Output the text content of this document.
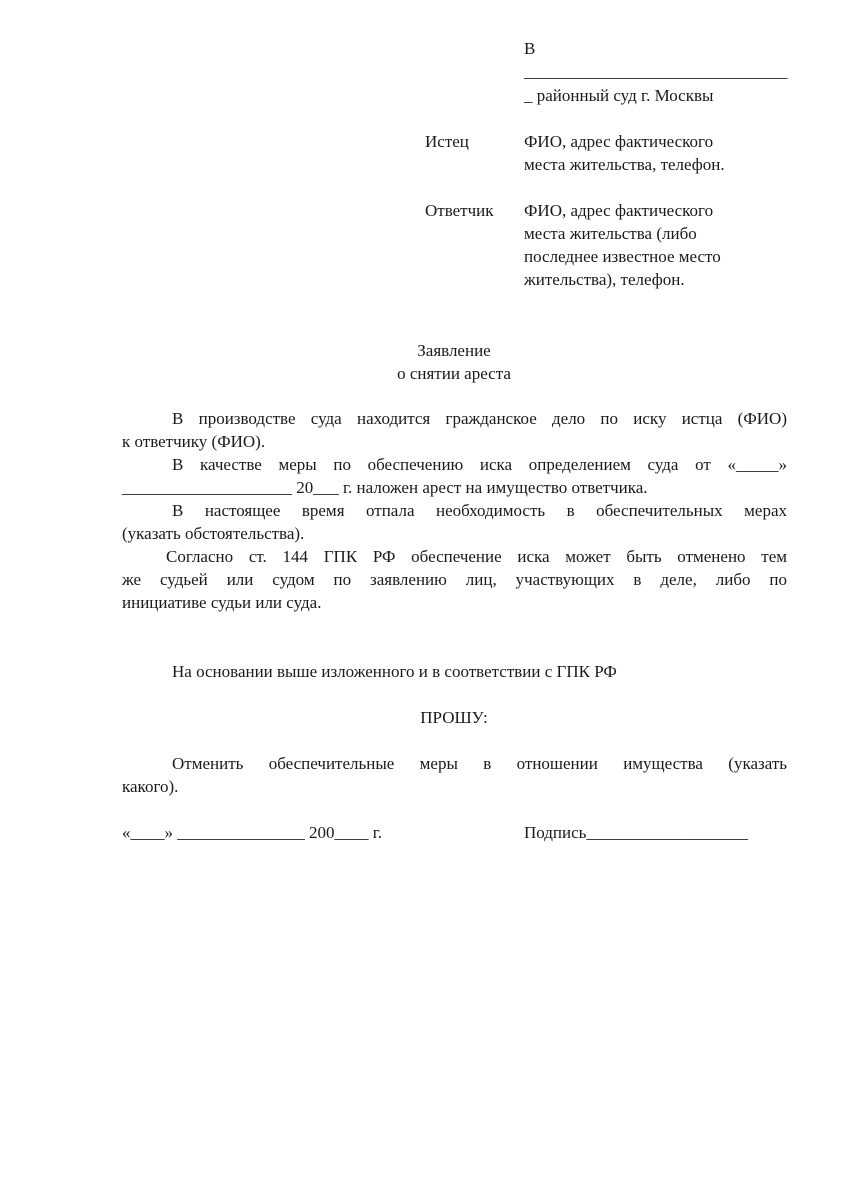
В
_______________________________
_ районный суд г. Москвы
Истец	ФИО, адрес фактического
места жительства, телефон.
Ответчик ФИО, адрес фактического
места жительства (либо
последнее известное место
жительства), телефон.
Заявление
о снятии ареста
В производстве суда находится гражданское дело по иску истца (ФИО)
к ответчику (ФИО).
В качестве меры по обеспечению иска определением суда от «_____»
____________________ 20___ г. наложен арест на имущество ответчика.
В настоящее время отпала необходимость в обеспечительных мерах
(указать обстоятельства).
Согласно ст. 144 ГПК РФ обеспечение иска может быть отменено тем
же судьей или судом по заявлению лиц, участвующих в деле, либо по
инициативе судьи или суда.
На основании выше изложенного и в соответствии с ГПК РФ
ПРОШУ:
Отменить обеспечительные меры в отношении имущества (указать
какого).
«____» _______________ 200____ г.	Подпись___________________
